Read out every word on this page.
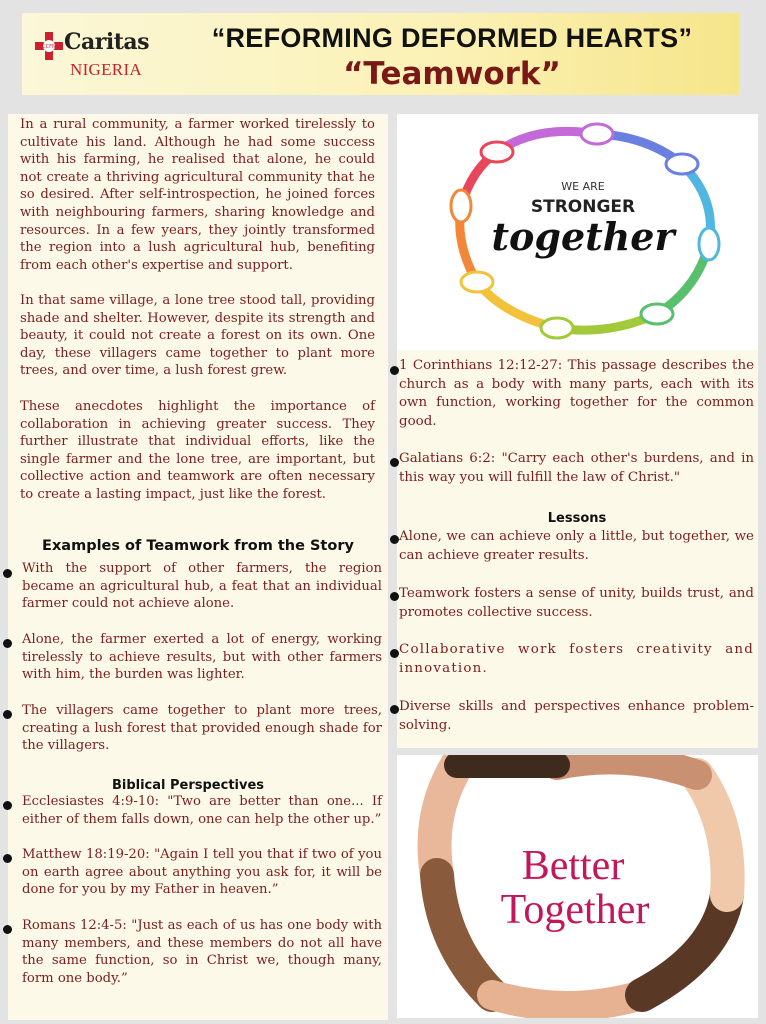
CCFN Caritas
NIGERIA
“REFORMING DEFORMED HEARTS”
“Teamwork”
In a rural community, a farmer worked tirelessly to cultivate his land. Although he had some success with his farming, he realised that alone, he could not create a thriving agricultural community that he so desired. After self-introspection, he joined forces with neighbouring farmers, sharing knowledge and resources. In a few years, they jointly transformed the region into a lush agricultural hub, benefiting from each other's expertise and support.
In that same village, a lone tree stood tall, providing shade and shelter. However, despite its strength and beauty, it could not create a forest on its own. One day, these villagers came together to plant more trees, and over time, a lush forest grew.
These anecdotes highlight the importance of collaboration in achieving greater success. They further illustrate that individual efforts, like the single farmer and the lone tree, are important, but collective action and teamwork are often necessary to create a lasting impact, just like the forest.
Examples of Teamwork from the Story
With the support of other farmers, the region became an agricultural hub, a feat that an individual farmer could not achieve alone.
Alone, the farmer exerted a lot of energy, working tirelessly to achieve results, but with other farmers with him, the burden was lighter.
The villagers came together to plant more trees, creating a lush forest that provided enough shade for the villagers.
Biblical Perspectives
Ecclesiastes 4:9-10: "Two are better than one... If either of them falls down, one can help the other up.”
Matthew 18:19-20: "Again I tell you that if two of you on earth agree about anything you ask for, it will be done for you by my Father in heaven.”
Romans 12:4-5: "Just as each of us has one body with many members, and these members do not all have the same function, so in Christ we, though many, form one body.”
1 Corinthians 12:12-27: This passage describes the church as a body with many parts, each with its own function, working together for the common good.
Galatians 6:2: "Carry each other's burdens, and in this way you will fulfill the law of Christ."
Lessons
Alone, we can achieve only a little, but together, we can achieve greater results.
Teamwork fosters a sense of unity, builds trust, and promotes collective success.
Collaborative work fosters creativity and innovation.
Diverse skills and perspectives enhance problem-solving.
WE ARE
STRONGER
together
Better
Together
